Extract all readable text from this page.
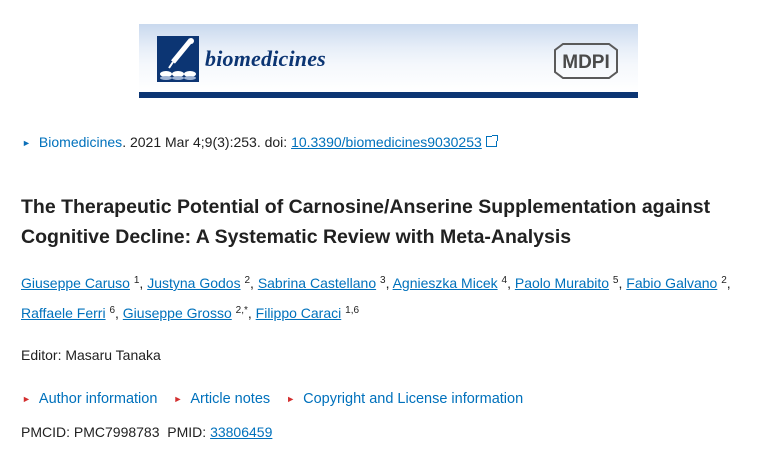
biomedicines	MDPI
► Biomedicines. 2021 Mar 4;9(3):253. doi: 10.3390/biomedicines9030253
The Therapeutic Potential of Carnosine/Anserine Supplementation against Cognitive Decline: A Systematic Review with Meta-Analysis
Giuseppe Caruso $^1$, Justyna Godos $^2$, Sabrina Castellano $^3$, Agnieszka Micek $^4$, Paolo Murabito $^5$, Fabio Galvano $^2$, Raffaele Ferri $^6$, Giuseppe Grosso $^{2,*}$, Filippo Caraci $^{1,6}$
Editor: Masaru Tanaka
► Author information ► Article notes ► Copyright and License information
PMCID: PMC7998783 PMID: 33806459
